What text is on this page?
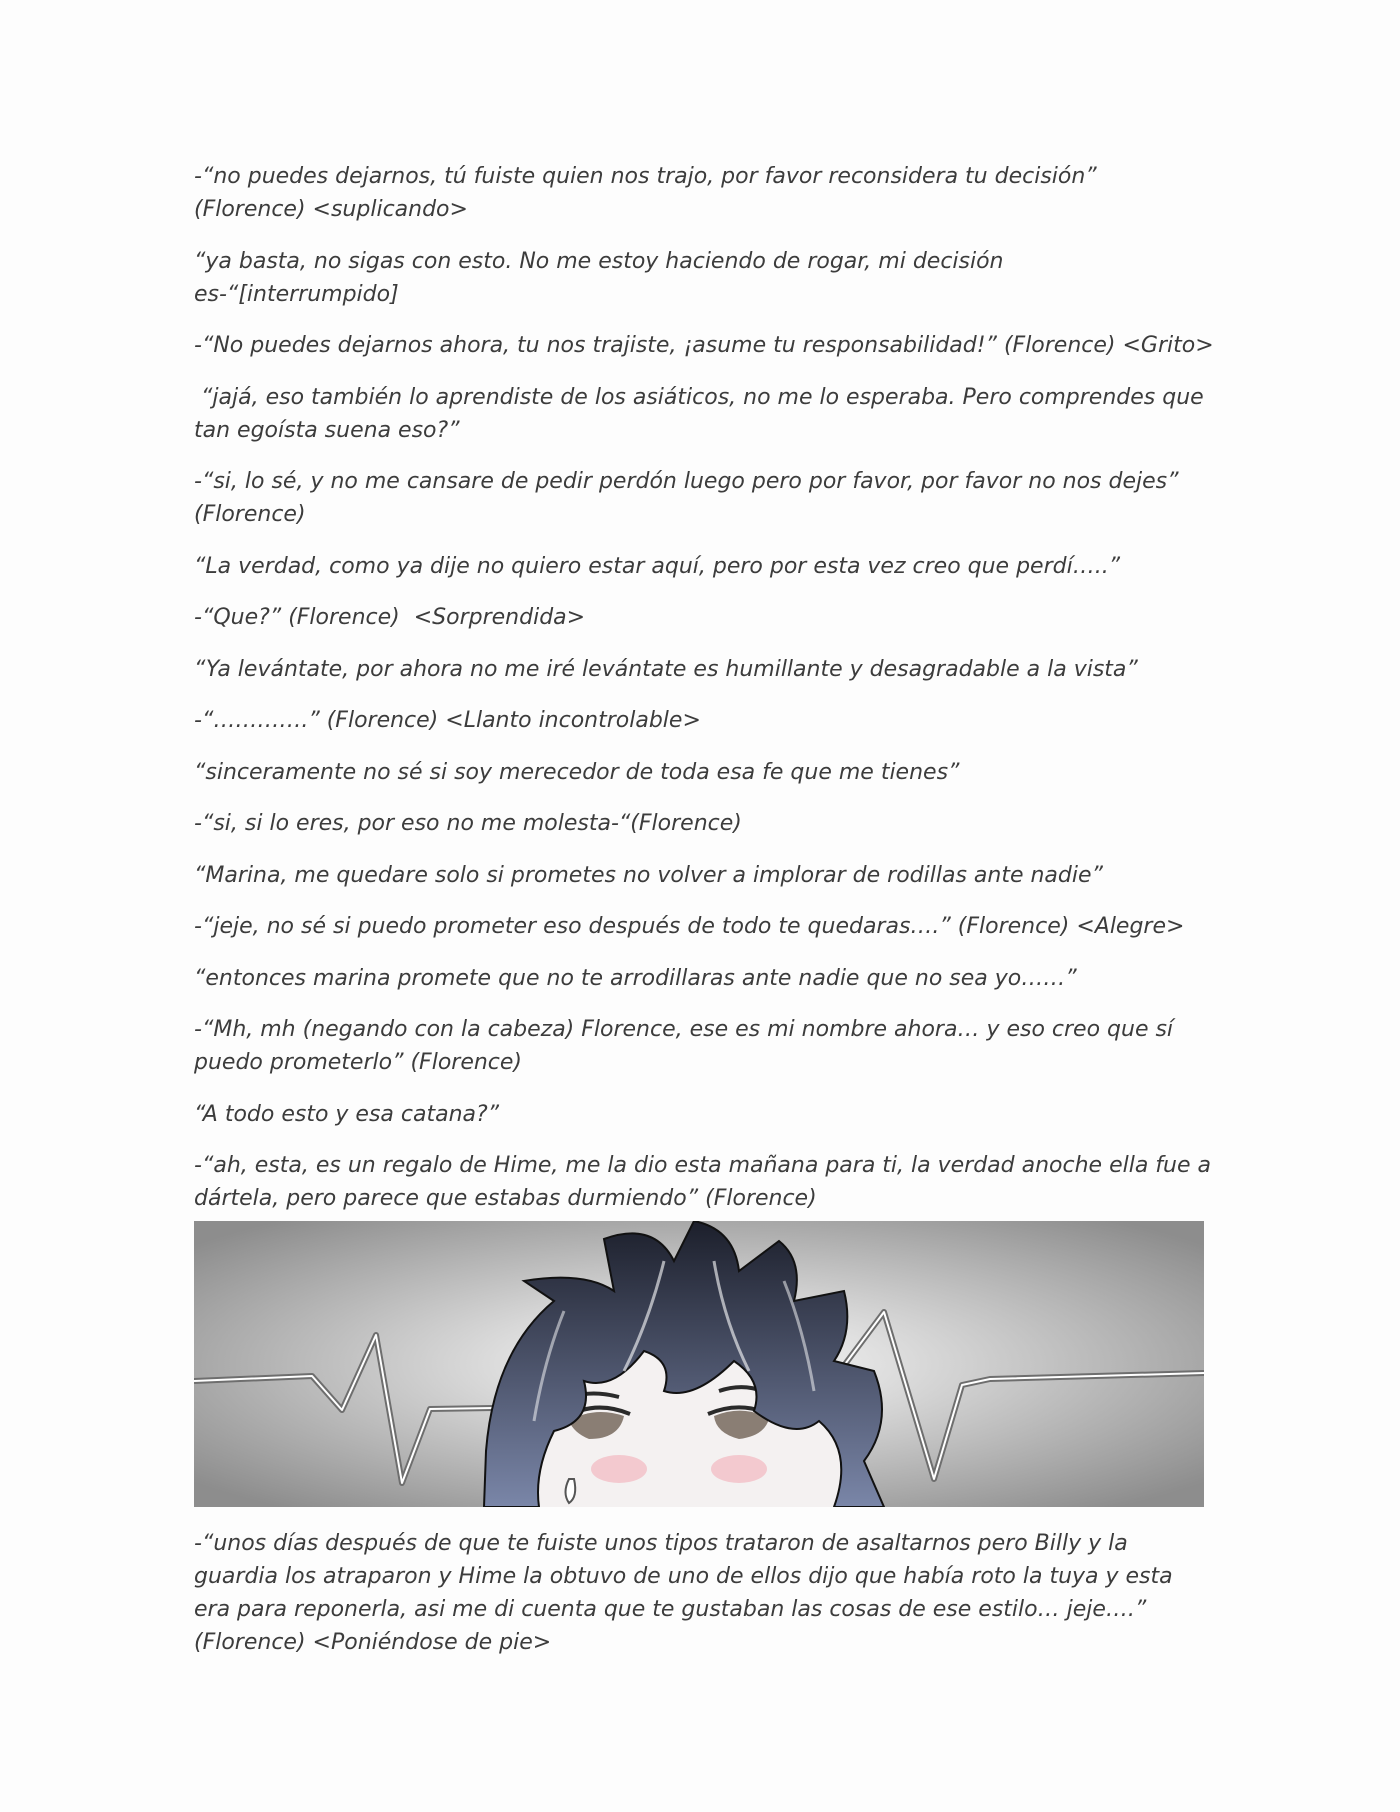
-“no puedes dejarnos, tú fuiste quien nos trajo, por favor reconsidera tu decisión” (Florence) <suplicando>

“ya basta, no sigas con esto. No me estoy haciendo de rogar, mi decisión es-“[interrumpido]

-“No puedes dejarnos ahora, tu nos trajiste, ¡asume tu responsabilidad!” (Florence) <Grito>

“jajá, eso también lo aprendiste de los asiáticos, no me lo esperaba. Pero comprendes que tan egoísta suena eso?”

-“si, lo sé, y no me cansare de pedir perdón luego pero por favor, por favor no nos dejes” (Florence)

“La verdad, como ya dije no quiero estar aquí, pero por esta vez creo que perdí…..”

-“Que?” (Florence)  <Sorprendida>

“Ya levántate, por ahora no me iré levántate es humillante y desagradable a la vista”

-“………….” (Florence) <Llanto incontrolable>

“sinceramente no sé si soy merecedor de toda esa fe que me tienes”

-“si, si lo eres, por eso no me molesta-“(Florence)

“Marina, me quedare solo si prometes no volver a implorar de rodillas ante nadie”

-“jeje, no sé si puedo prometer eso después de todo te quedaras….” (Florence) <Alegre>

“entonces marina promete que no te arrodillaras ante nadie que no sea yo……”

-“Mh, mh (negando con la cabeza) Florence, ese es mi nombre ahora… y eso creo que sí puedo prometerlo” (Florence)

“A todo esto y esa catana?”

-“ah, esta, es un regalo de Hime, me la dio esta mañana para ti, la verdad anoche ella fue a dártela, pero parece que estabas durmiendo” (Florence)

-“unos días después de que te fuiste unos tipos trataron de asaltarnos pero Billy y la guardia los atraparon y Hime la obtuvo de uno de ellos dijo que había roto la tuya y esta era para reponerla, asi me di cuenta que te gustaban las cosas de ese estilo… jeje….” (Florence) <Poniéndose de pie>
